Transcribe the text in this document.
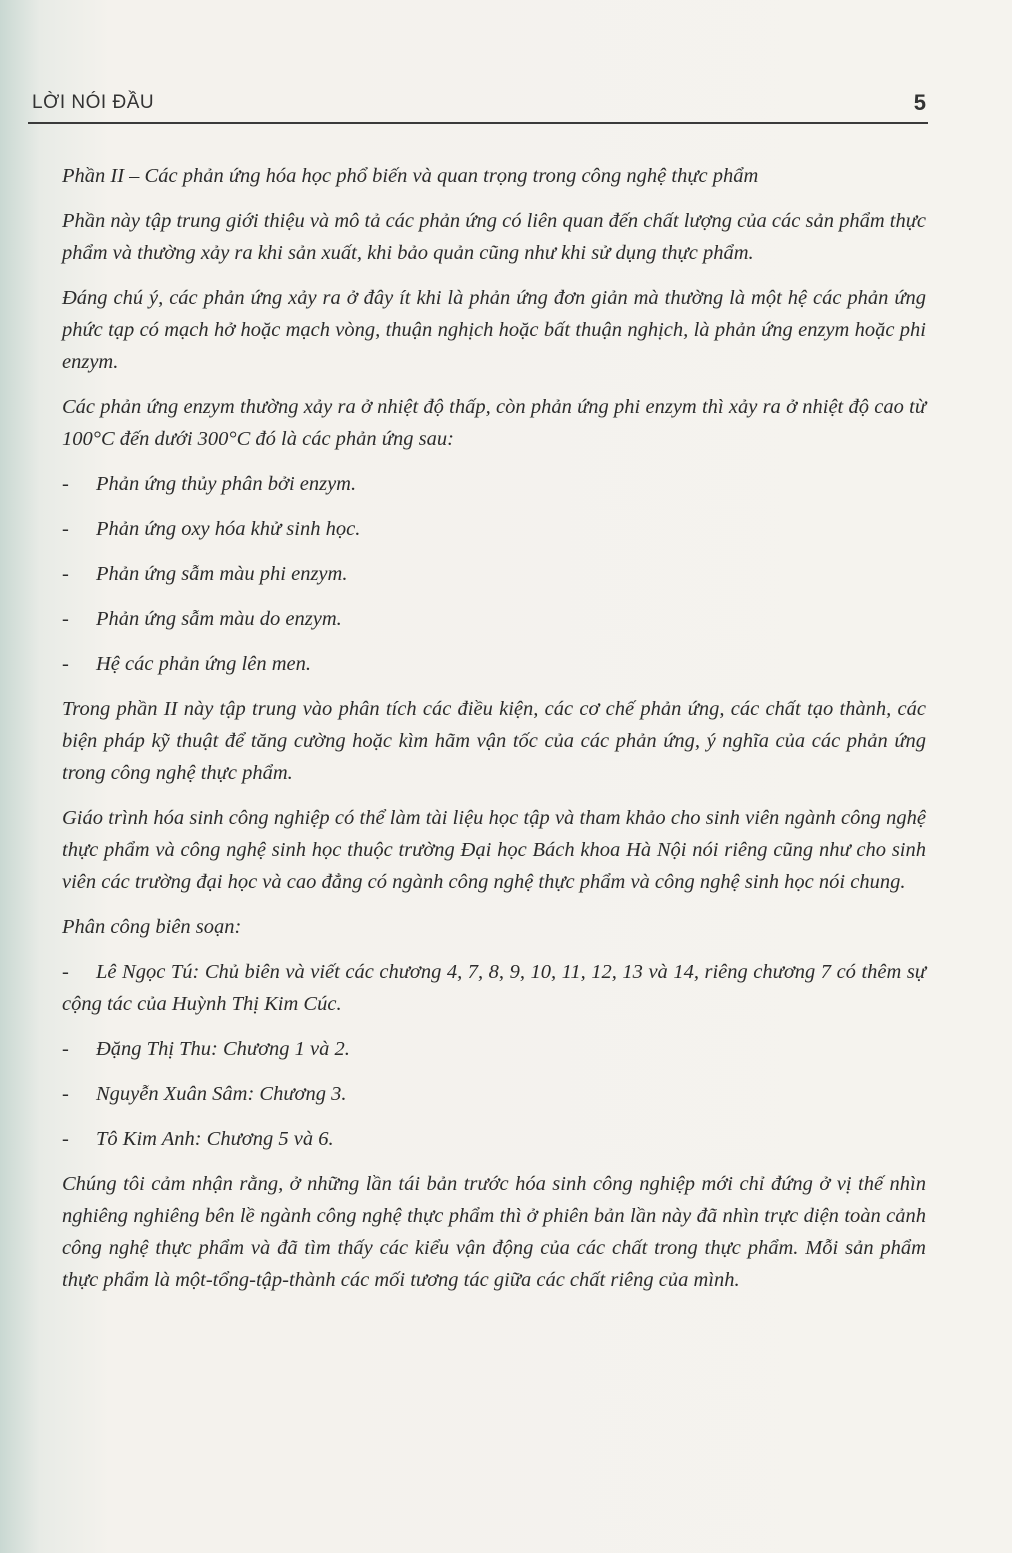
LỜI NÓI ĐẦU	5

Phần II – Các phản ứng hóa học phổ biến và quan trọng trong công nghệ thực phẩm

Phần này tập trung giới thiệu và mô tả các phản ứng có liên quan đến chất lượng của các sản phẩm thực phẩm và thường xảy ra khi sản xuất, khi bảo quản cũng như khi sử dụng thực phẩm.

Đáng chú ý, các phản ứng xảy ra ở đây ít khi là phản ứng đơn giản mà thường là một hệ các phản ứng phức tạp có mạch hở hoặc mạch vòng, thuận nghịch hoặc bất thuận nghịch, là phản ứng enzym hoặc phi enzym.

Các phản ứng enzym thường xảy ra ở nhiệt độ thấp, còn phản ứng phi enzym thì xảy ra ở nhiệt độ cao từ 100°C đến dưới 300°C đó là các phản ứng sau:

-	Phản ứng thủy phân bởi enzym.
-	Phản ứng oxy hóa khử sinh học.
-	Phản ứng sẫm màu phi enzym.
-	Phản ứng sẫm màu do enzym.
-	Hệ các phản ứng lên men.

Trong phần II này tập trung vào phân tích các điều kiện, các cơ chế phản ứng, các chất tạo thành, các biện pháp kỹ thuật để tăng cường hoặc kìm hãm vận tốc của các phản ứng, ý nghĩa của các phản ứng trong công nghệ thực phẩm.

Giáo trình hóa sinh công nghiệp có thể làm tài liệu học tập và tham khảo cho sinh viên ngành công nghệ thực phẩm và công nghệ sinh học thuộc trường Đại học Bách khoa Hà Nội nói riêng cũng như cho sinh viên các trường đại học và cao đẳng có ngành công nghệ thực phẩm và công nghệ sinh học nói chung.

Phân công biên soạn:

- Lê Ngọc Tú: Chủ biên và viết các chương 4, 7, 8, 9, 10, 11, 12, 13 và 14, riêng chương 7 có thêm sự cộng tác của Huỳnh Thị Kim Cúc.
-	Đặng Thị Thu: Chương 1 và 2.
-	Nguyễn Xuân Sâm: Chương 3.
-	Tô Kim Anh: Chương 5 và 6.

Chúng tôi cảm nhận rằng, ở những lần tái bản trước hóa sinh công nghiệp mới chỉ đứng ở vị thế nhìn nghiêng nghiêng bên lề ngành công nghệ thực phẩm thì ở phiên bản lần này đã nhìn trực diện toàn cảnh công nghệ thực phẩm và đã tìm thấy các kiểu vận động của các chất trong thực phẩm. Mỗi sản phẩm thực phẩm là một-tổng-tập-thành các mối tương tác giữa các chất riêng của mình.
